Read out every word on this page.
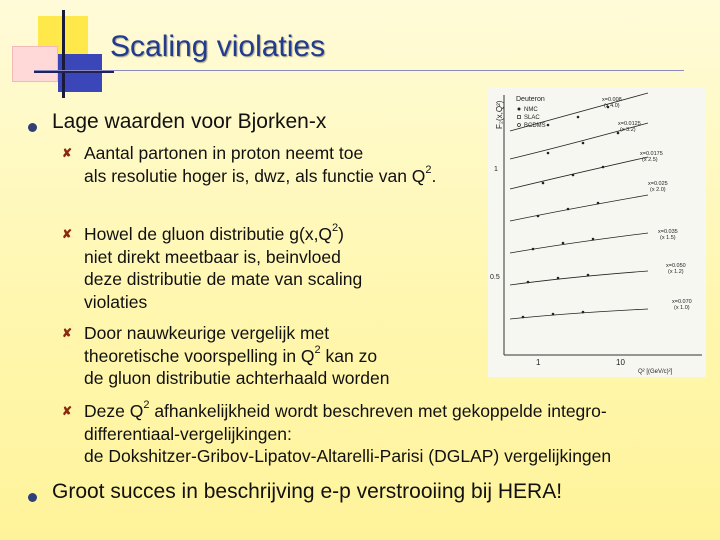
Scaling violaties
Lage waarden voor Bjorken-x
✘ Aantal partonen in proton neemt toe
als resolutie hoger is, dwz, als functie van $Q^2$.
✘ Howel de gluon distributie $g(x,Q^2)$
niet direkt meetbaar is, beinvloed
deze distributie de mate van scaling
violaties
✘ Door nauwkeurige vergelijk met
theoretische voorspelling in $Q^2$ kan zo
de gluon distributie achterhaald worden
✘ Deze $Q^2$ afhankelijkheid wordt beschreven met gekoppelde integro-
differentiaal-vergelijkingen:
de Dokshitzer-Gribov-Lipatov-Altarelli-Parisi (DGLAP) vergelijkingen
Groot succes in beschrijving e-p verstrooiing bij HERA!
F₂(x,Q²)
Deuteron
NMC
SLAC
BCDMS
x=0.008
(x 4.0)
x=0.0125
(x 3.2)
x=0.0175
(x 2.5)
x=0.025
(x 2.0)
x=0.035
(x 1.5)
x=0.050
(x 1.2)
x=0.070
(x 1.0)
1
0.5
1	10
Q² [(GeV/c)²]
